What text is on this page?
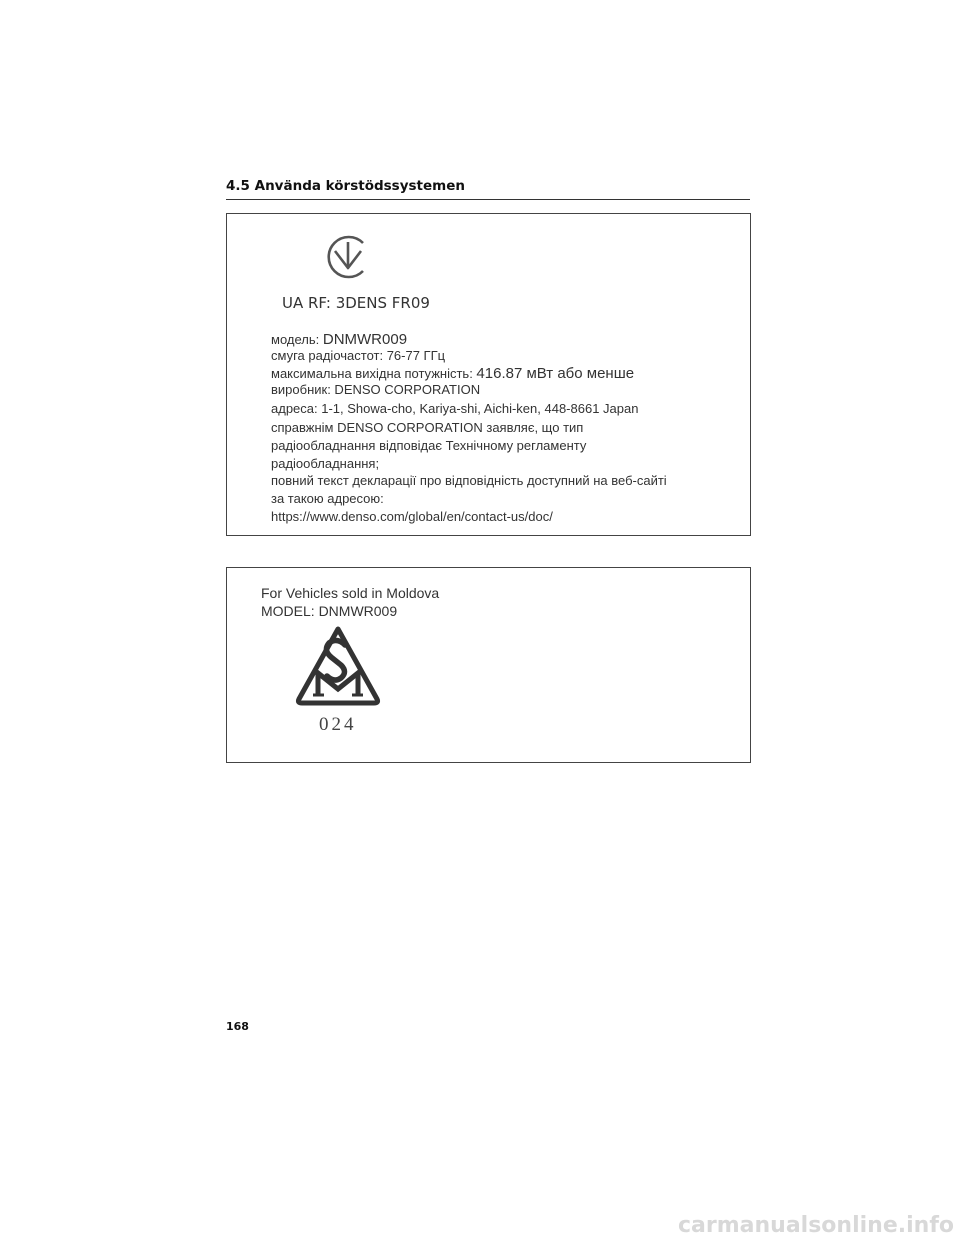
4.5 Använda körstödssystemen
UA RF: 3DENS FR09
модель: DNMWR009
смуга радіочастот: 76-77 ГГц
максимальна вихідна потужність: 416.87 мВт або менше
виробник: DENSO CORPORATION
адреса: 1-1, Showa-cho, Kariya-shi, Aichi-ken, 448-8661 Japan
справжнім DENSO CORPORATION заявляє, що тип
радіообладнання відповідає Технічному регламенту
радіообладнання;
повний текст декларації про відповідність доступний на веб-сайті
за такою адресою:
https://www.denso.com/global/en/contact-us/doc/
For Vehicles sold in Moldova
MODEL: DNMWR009
024
168
carmanualsonline.info
